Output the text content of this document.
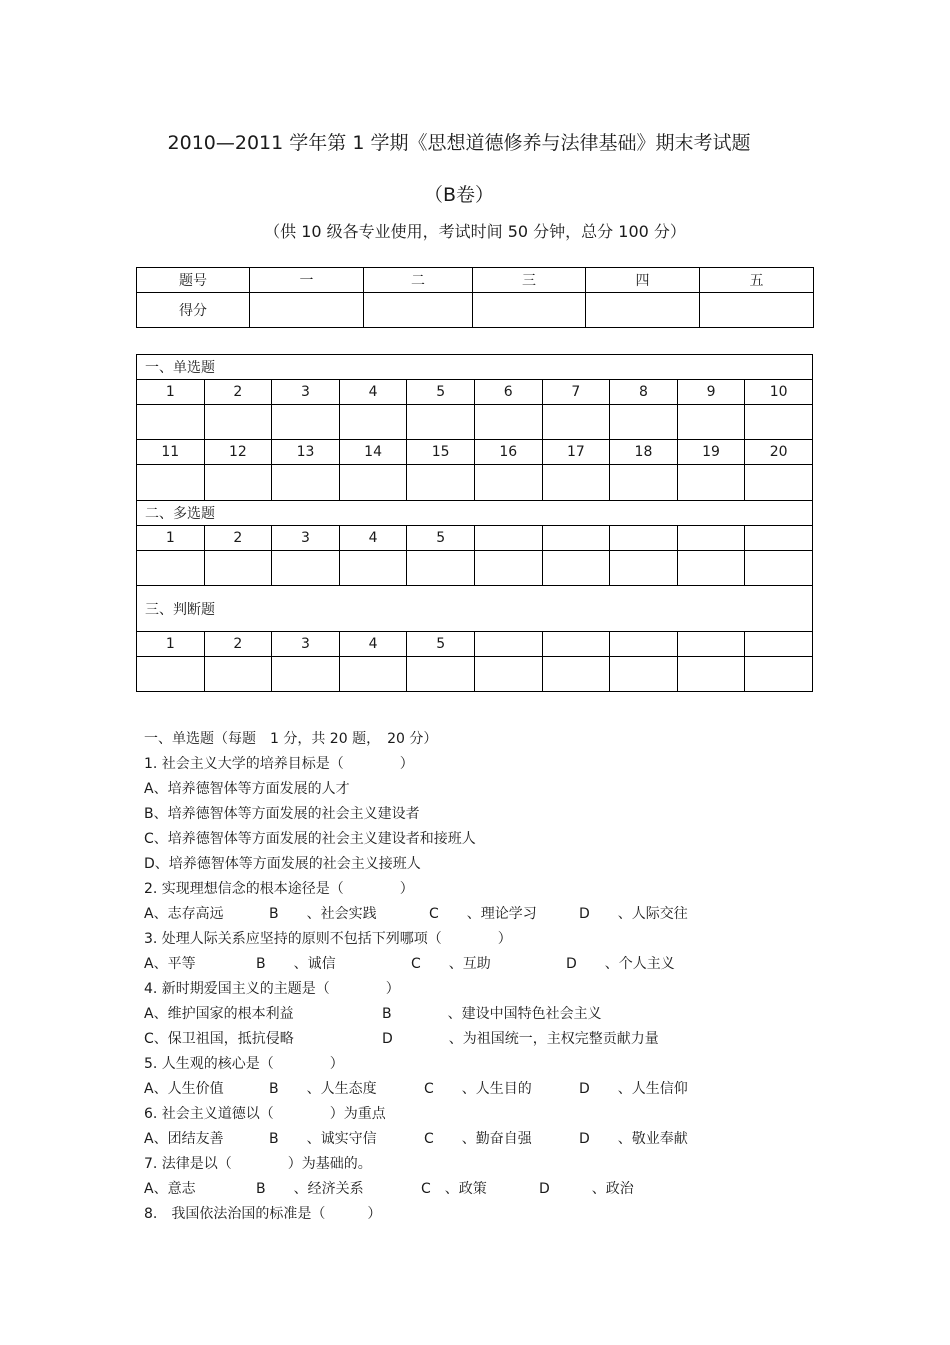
2010—2011 学年第 1 学期《思想道德修养与法律基础》期末考试题
（B卷）
（供 10 级各专业使用，考试时间 50 分钟，总分 100 分）
题号	一	二	三	四	五
得分					
一、单选题									
1	2	3	4	5	6	7	8	9	10

11	12	13	14	15	16	17	18	19	20

二、多选题									
1	2	3	4	5					

三、判断题									
1	2	3	4	5					

一、单选题（每题　1 分，共 20 题，　20 分）
1. 社会主义大学的培养目标是（　　　　）
A、培养德智体等方面发展的人才
B、培养德智体等方面发展的社会主义建设者
C、培养德智体等方面发展的社会主义建设者和接班人
D、培养德智体等方面发展的社会主义接班人
2. 实现理想信念的根本途径是（　　　　）
A、志存高远	B　　、社会实践	C　　、理论学习	D　　、人际交往
3. 处理人际关系应坚持的原则不包括下列哪项（　　　　）
A、平等	B　　、诚信	C　　、互助	D　　、个人主义
4. 新时期爱国主义的主题是（　　　　）
A、维护国家的根本利益	B　　　　、建设中国特色社会主义
C、保卫祖国，抵抗侵略	D　　　　、为祖国统一，主权完整贡献力量
5. 人生观的核心是（　　　　）
A、人生价值	B　　、人生态度	C　　、人生目的	D　　、人生信仰
6. 社会主义道德以（　　　　）为重点
A、团结友善	B　　、诚实守信	C　　、勤奋自强	D　　、敬业奉献
7. 法律是以（　　　　）为基础的。
A、意志	B　　、经济关系	C　、政策	D　　　、政治
8.　我国依法治国的标准是（　　　）
